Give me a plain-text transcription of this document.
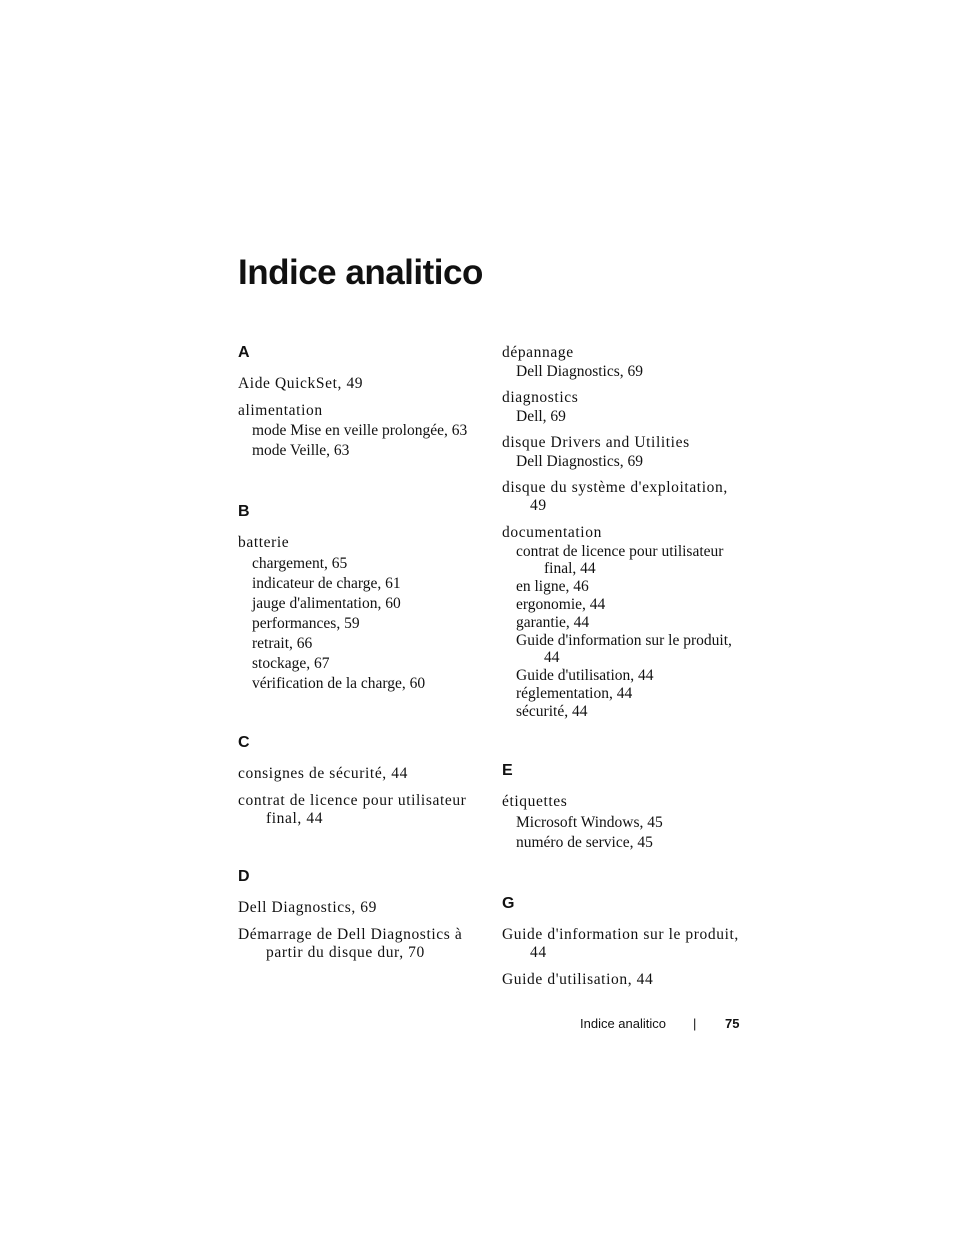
Indice analitico
A
Aide QuickSet, 49
alimentation
mode Mise en veille prolongée, 63
mode Veille, 63
B
batterie
chargement, 65
indicateur de charge, 61
jauge d'alimentation, 60
performances, 59
retrait, 66
stockage, 67
vérification de la charge, 60
C
consignes de sécurité, 44
contrat de licence pour utilisateur final, 44
D
Dell Diagnostics, 69
Démarrage de Dell Diagnostics à partir du disque dur, 70
dépannage
Dell Diagnostics, 69
diagnostics
Dell, 69
disque Drivers and Utilities
Dell Diagnostics, 69
disque du système d'exploitation, 49
documentation
contrat de licence pour utilisateur final, 44
en ligne, 46
ergonomie, 44
garantie, 44
Guide d'information sur le produit, 44
Guide d'utilisation, 44
réglementation, 44
sécurité, 44
E
étiquettes
Microsoft Windows, 45
numéro de service, 45
G
Guide d'information sur le produit, 44
Guide d'utilisation, 44
Indice analitico | 75
